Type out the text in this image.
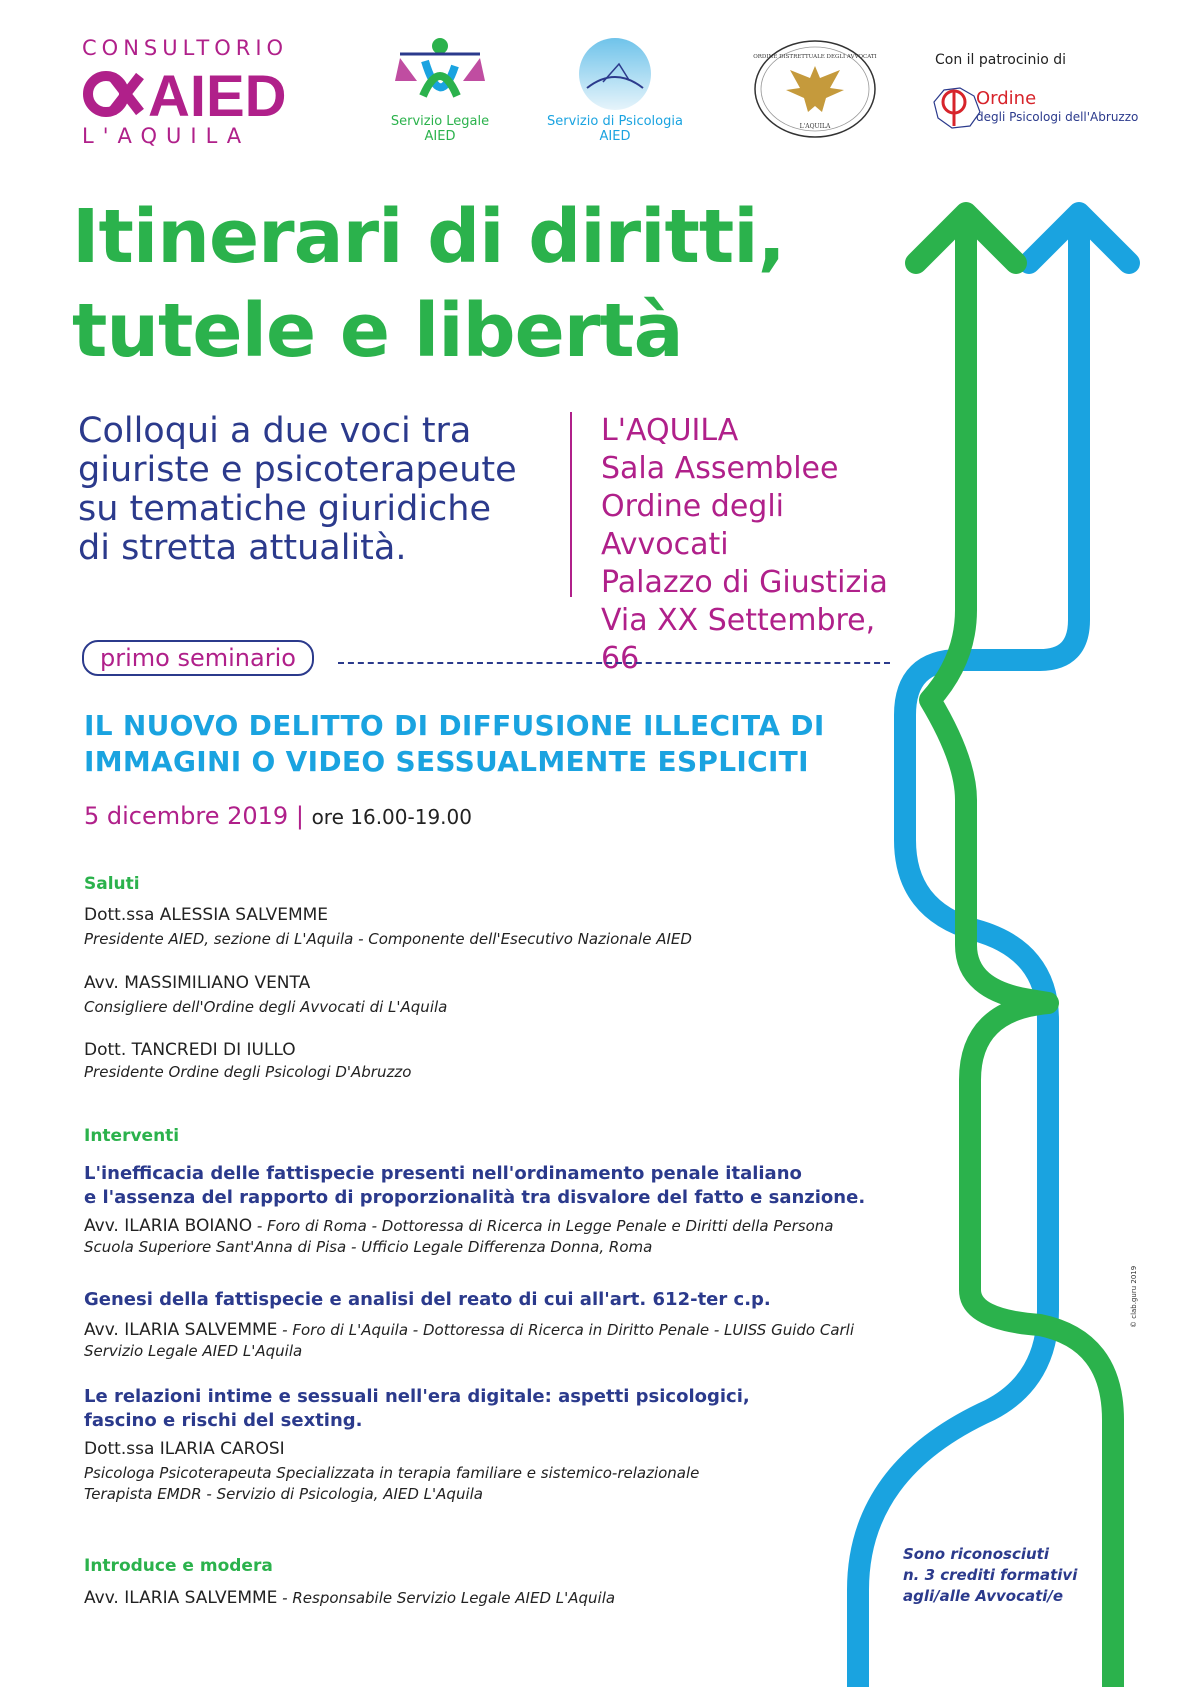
CONSULTORIO
AIED
L'AQUILA
Servizio Legale
AIED
Servizio di Psicologia
AIED
ORDINE DISTRETTUALE DEGLI AVVOCATI
L'AQUILA
Con il patrocinio di
Ordine
degli Psicologi dell'Abruzzo
Itinerari di diritti,
tutele e libertà
Colloqui a due voci tra
giuriste e psicoterapeute
su tematiche giuridiche
di stretta attualità.
L'AQUILA
Sala Assemblee
Ordine degli Avvocati
Palazzo di Giustizia
Via XX Settembre, 66
primo seminario
IL NUOVO DELITTO DI DIFFUSIONE ILLECITA DI
IMMAGINI O VIDEO SESSUALMENTE ESPLICITI
5 dicembre 2019 | ore 16.00-19.00
Saluti
Dott.ssa ALESSIA SALVEMME
Presidente AIED, sezione di L'Aquila - Componente dell'Esecutivo Nazionale AIED
Avv. MASSIMILIANO VENTA
Consigliere dell'Ordine degli Avvocati di L'Aquila
Dott. TANCREDI DI IULLO
Presidente Ordine degli Psicologi D'Abruzzo
Interventi
L'inefficacia delle fattispecie presenti nell'ordinamento penale italiano
e l'assenza del rapporto di proporzionalità tra disvalore del fatto e sanzione.
Avv. ILARIA BOIANO - Foro di Roma - Dottoressa di Ricerca in Legge Penale e Diritti della Persona
Scuola Superiore Sant'Anna di Pisa - Ufficio Legale Differenza Donna, Roma
Genesi della fattispecie e analisi del reato di cui all'art. 612-ter c.p.
Avv. ILARIA SALVEMME - Foro di L'Aquila - Dottoressa di Ricerca in Diritto Penale - LUISS Guido Carli
Servizio Legale AIED L'Aquila
Le relazioni intime e sessuali nell'era digitale: aspetti psicologici,
fascino e rischi del sexting.
Dott.ssa ILARIA CAROSI
Psicologa Psicoterapeuta Specializzata in terapia familiare e sistemico-relazionale
Terapista EMDR - Servizio di Psicologia, AIED L'Aquila
Introduce e modera
Avv. ILARIA SALVEMME - Responsabile Servizio Legale AIED L'Aquila
Sono riconosciuti
n. 3 crediti formativi
agli/alle Avvocati/e
© clab.guru 2019
